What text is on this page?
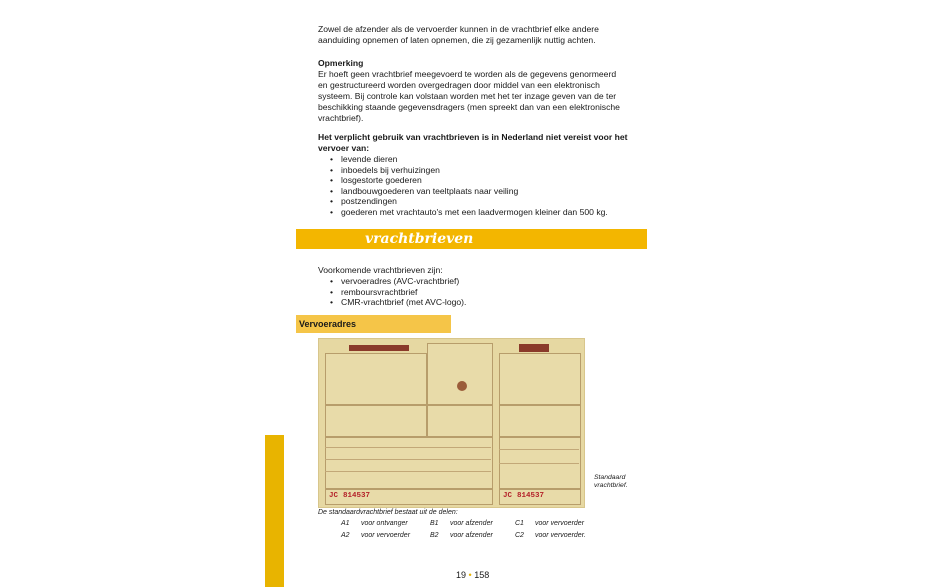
Zowel de afzender als de vervoerder kunnen in de vrachtbrief elke andere

aanduiding opnemen of laten opnemen, die zij gezamenlijk nuttig achten.

Opmerking

Er hoeft geen vrachtbrief meegevoerd te worden als de gegevens genormeerd

en gestructureerd worden overgedragen door middel van een elektronisch

systeem. Bij controle kan volstaan worden met het ter inzage geven van de ter

beschikking staande gegevensdragers (men spreekt dan van een elektronische

vrachtbrief).

Het verplicht gebruik van vrachtbrieven is in Nederland niet vereist voor het

vervoer van:

• levende dieren
• inboedels bij verhuizingen
• losgestorte goederen
• landbouwgoederen van teeltplaats naar veiling
• postzendingen
• goederen met vrachtauto's met een laadvermogen kleiner dan 500 kg.
vrachtbrieven
Voorkomende vrachtbrieven zijn:
• vervoeradres (AVC-vrachtbrief)
• remboursvrachtbrief
• CMR-vrachtbrief (met AVC-logo).
Vervoeradres
JC 814537	JC 814537
Standaard
vrachtbrief.
De standaardvrachtbrief bestaat uit de delen:
A1 voor ontvanger
A2 voor vervoerder
B1 voor afzender
B2 voor afzender
C1 voor vervoerder
C2 voor vervoerder.
19 • 158
